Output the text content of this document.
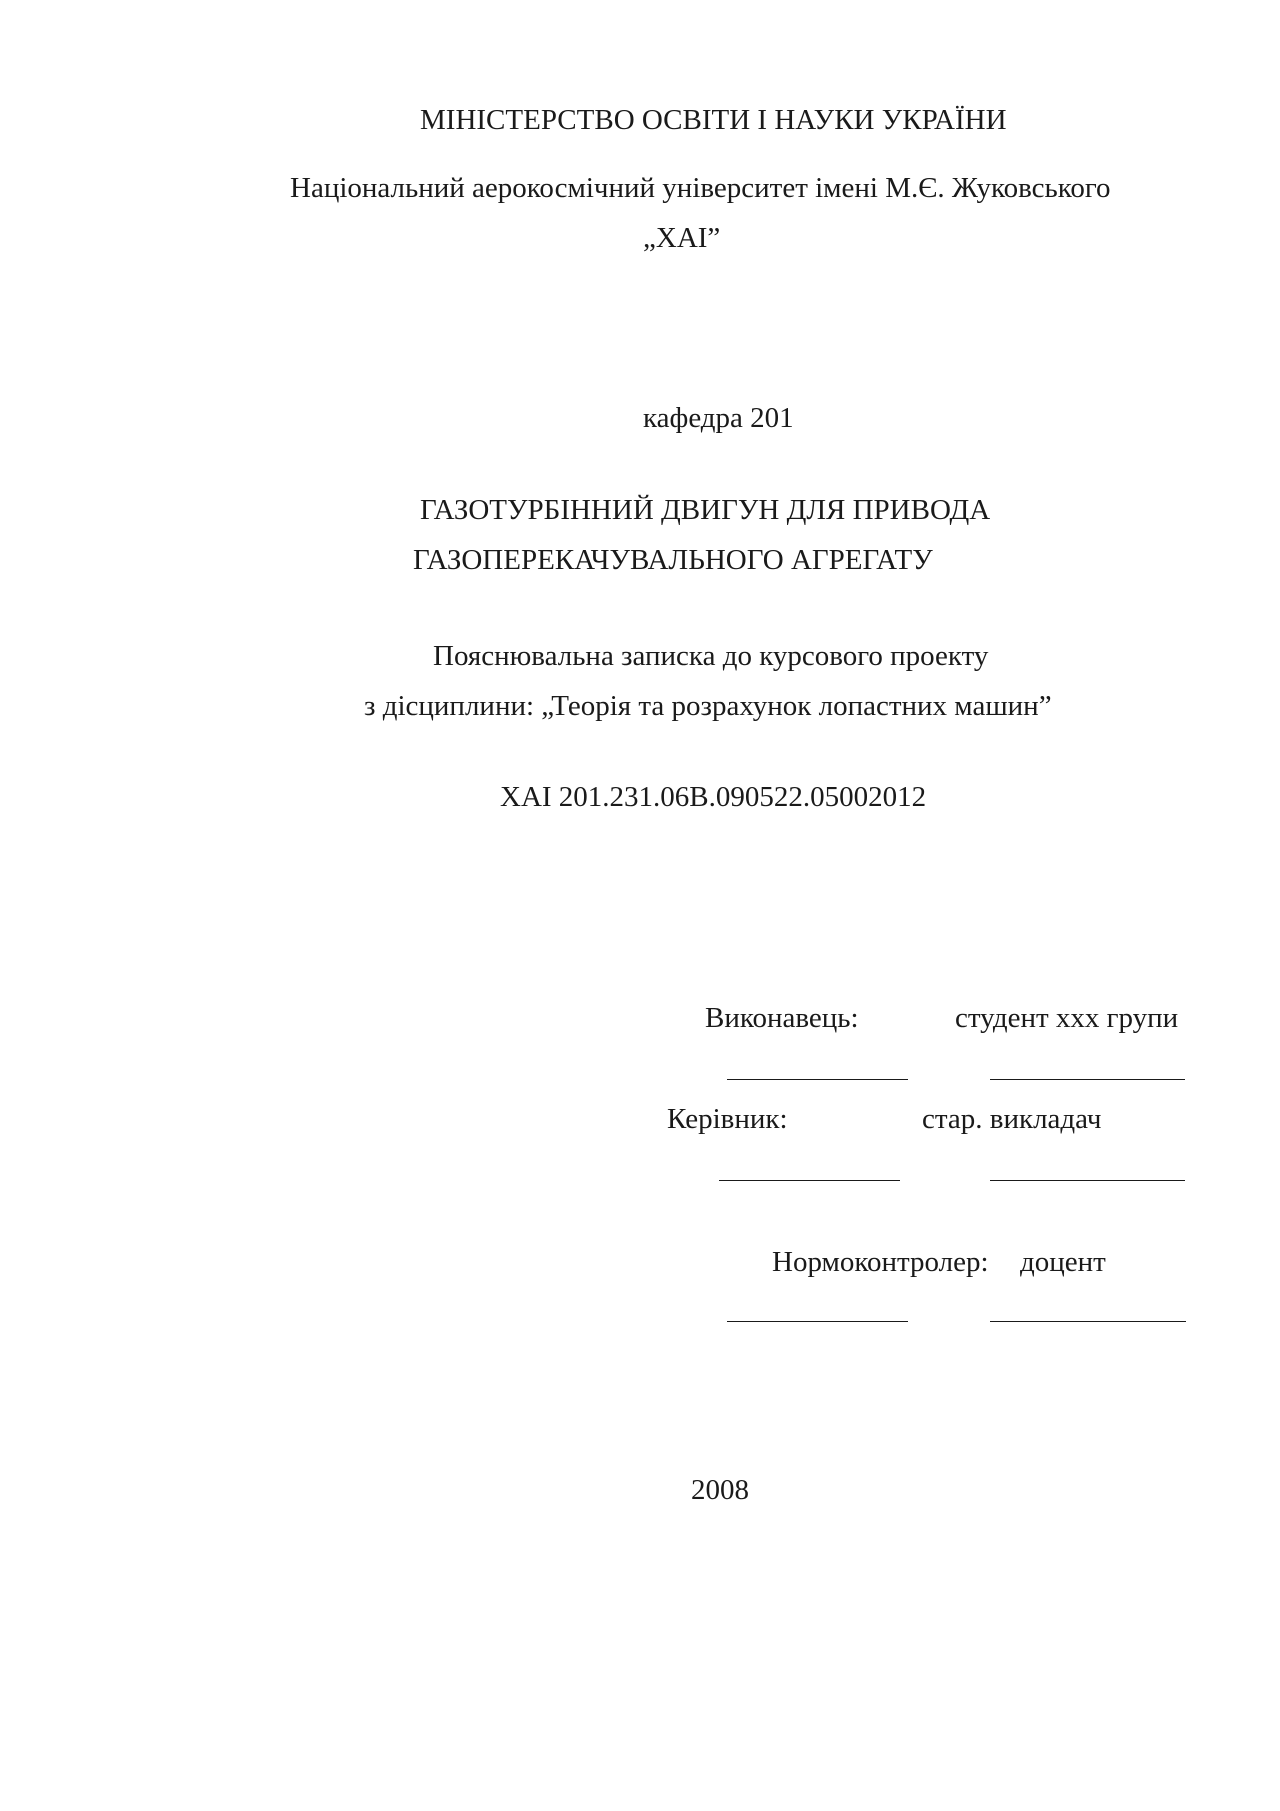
МІНІСТЕРСТВО ОСВІТИ І НАУКИ УКРАЇНИ
Національний аерокосмічний університет імені М.Є. Жуковського
„ХАІ”
кафедра 201
ГАЗОТУРБІННИЙ ДВИГУН ДЛЯ ПРИВОДА
ГАЗОПЕРЕКАЧУВАЛЬНОГО АГРЕГАТУ
Пояснювальна записка до курсового проекту
з дісциплини: „Теорія та розрахунок лопастних машин”
ХАІ 201.231.06В.090522.05002012
Виконавець:	студент ххх групи
Керівник:	стар. викладач
Нормоконтролер: доцент
2008
